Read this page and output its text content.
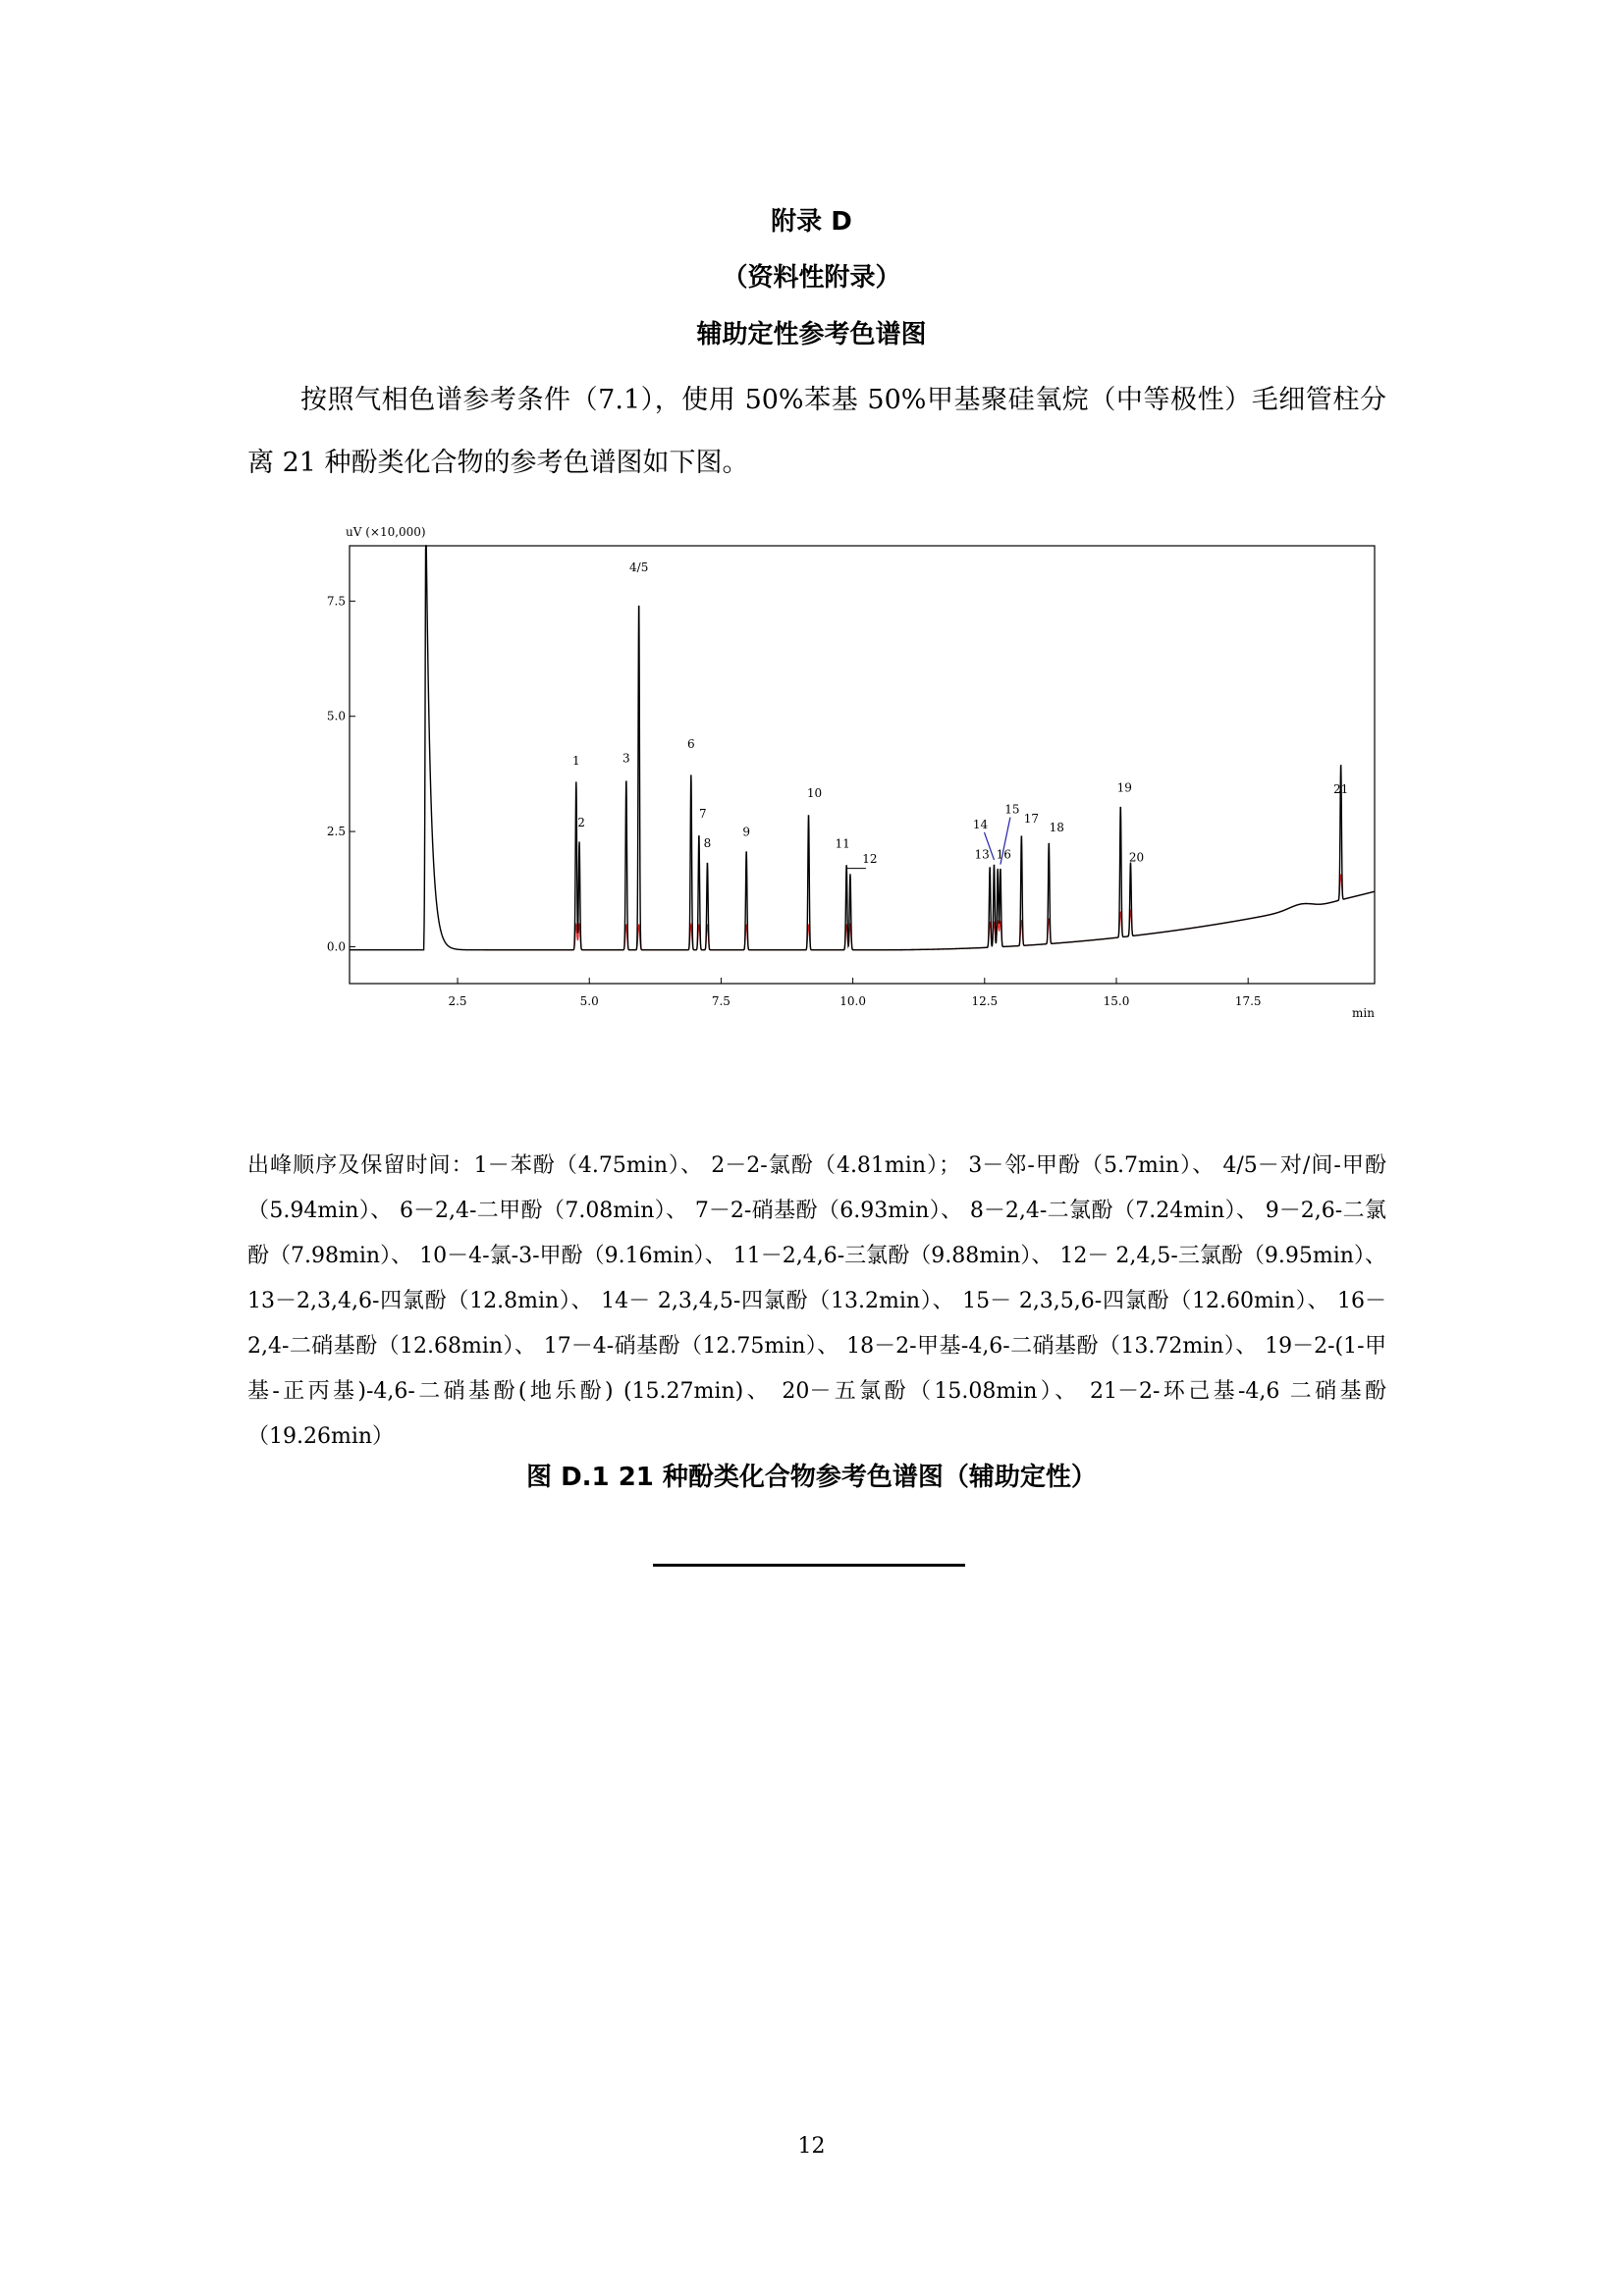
附录 D
（资料性附录）
辅助定性参考色谱图

按照气相色谱参考条件（7.1），使用 50%苯基 50%甲基聚硅氧烷（中等极性）毛细管柱分离 21 种酚类化合物的参考色谱图如下图。

uV (×10,000)
min
0.0
2.5
5.0
7.5
2.5	5.0	7.5	10.0	12.5	15.0	17.5
1
2
3
4/5
6
7
8
9
10
11
12	13
14
16
15
17
18
19
20
21

出峰顺序及保留时间：1－苯酚（4.75min）、 2－2-氯酚（4.81min）； 3－邻-甲酚（5.7min）、 4/5－对/间-甲酚（5.94min）、 6－2,4-二甲酚（7.08min）、 7－2-硝基酚（6.93min）、 8－2,4-二氯酚（7.24min）、 9－2,6-二氯酚（7.98min）、 10－4-氯-3-甲酚（9.16min）、 11－2,4,6-三氯酚（9.88min）、 12－ 2,4,5-三氯酚（9.95min）、 13－2,3,4,6-四氯酚（12.8min）、 14－ 2,3,4,5-四氯酚（13.2min）、 15－ 2,3,5,6-四氯酚（12.60min）、 16－2,4-二硝基酚（12.68min）、 17－4-硝基酚（12.75min）、 18－2-甲基-4,6-二硝基酚（13.72min）、 19－2-(1-甲基-正丙基)-4,6-二硝基酚(地乐酚) (15.27min)、 20－五氯酚（15.08min）、 21－2-环己基-4,6 二硝基酚（19.26min）

图 D.1 21 种酚类化合物参考色谱图（辅助定性）
12
